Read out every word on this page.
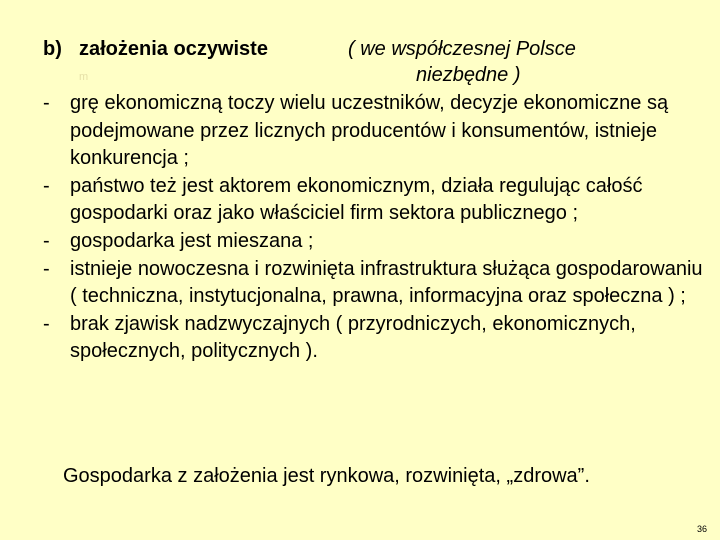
b) założenia oczywiste	( we współczesnej Polsce
m	niezbędne )
- grę ekonomiczną toczy wielu uczestników, decyzje ekonomiczne są podejmowane przez licznych producentów i konsumentów, istnieje konkurencja ;
- państwo też jest aktorem ekonomicznym, działa regulując całość gospodarki oraz jako właściciel firm sektora publicznego ;
- gospodarka jest mieszana ;
- istnieje nowoczesna i rozwinięta infrastruktura służąca gospodarowaniu ( techniczna, instytucjonalna, prawna, informacyjna oraz społeczna ) ;
- brak zjawisk nadzwyczajnych ( przyrodniczych, ekonomicznych, społecznych, politycznych ).
Gospodarka z założenia jest rynkowa, rozwinięta, „zdrowa”.
36
